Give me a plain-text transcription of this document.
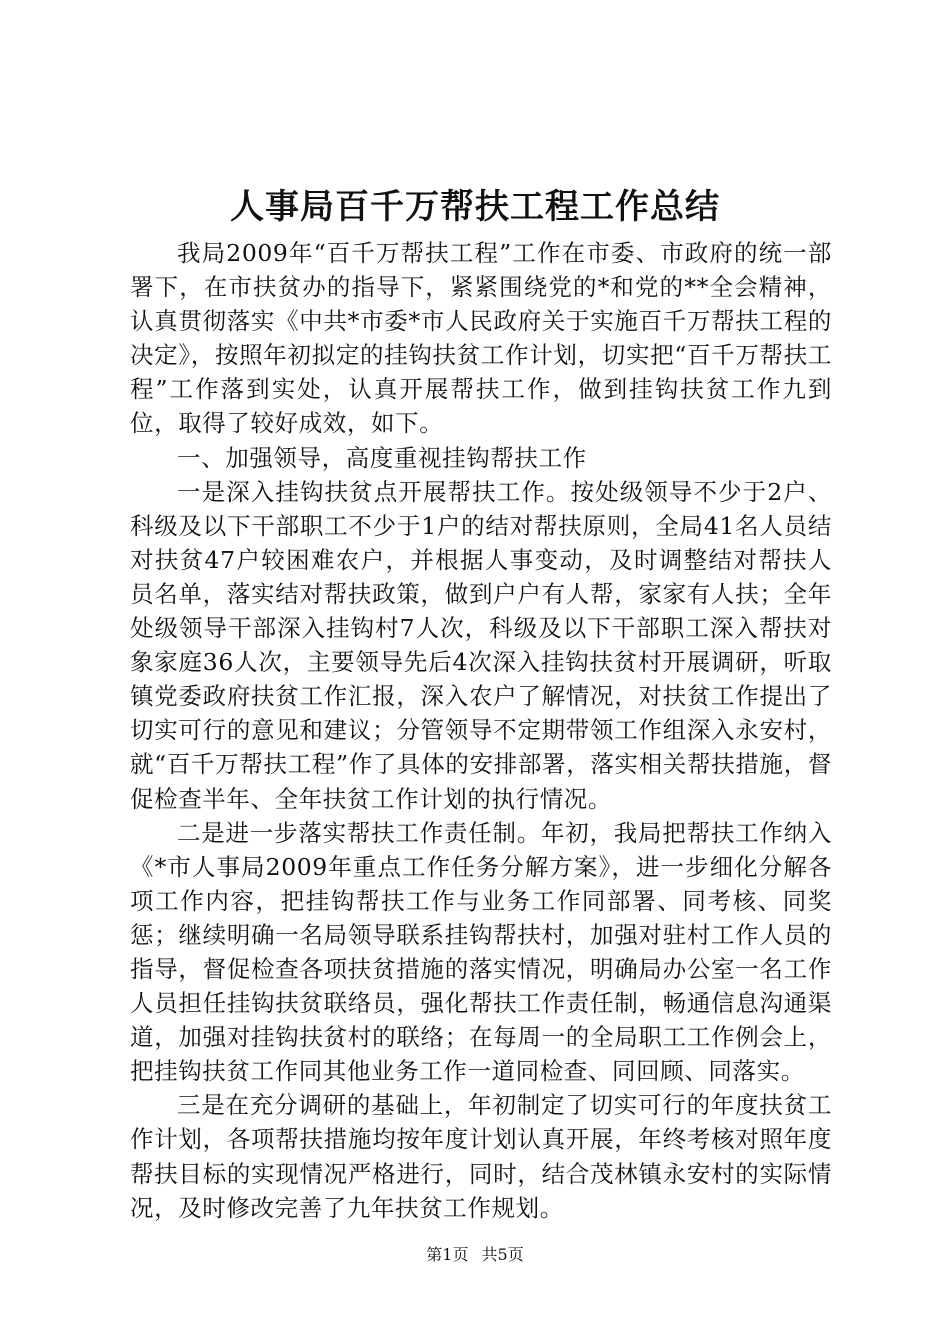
人事局百千万帮扶工程工作总结

我局2009年“百千万帮扶工程”工作在市委、市政府的统一部署下，在市扶贫办的指导下，紧紧围绕党的*和党的**全会精神，认真贯彻落实《中共*市委*市人民政府关于实施百千万帮扶工程的决定》，按照年初拟定的挂钩扶贫工作计划，切实把“百千万帮扶工程”工作落到实处，认真开展帮扶工作，做到挂钩扶贫工作九到位，取得了较好成效，如下。

一、加强领导，高度重视挂钩帮扶工作

一是深入挂钩扶贫点开展帮扶工作。按处级领导不少于2户、科级及以下干部职工不少于1户的结对帮扶原则，全局41名人员结对扶贫47户较困难农户，并根据人事变动，及时调整结对帮扶人员名单，落实结对帮扶政策，做到户户有人帮，家家有人扶；全年处级领导干部深入挂钩村7人次，科级及以下干部职工深入帮扶对象家庭36人次，主要领导先后4次深入挂钩扶贫村开展调研，听取镇党委政府扶贫工作汇报，深入农户了解情况，对扶贫工作提出了切实可行的意见和建议；分管领导不定期带领工作组深入永安村，就“百千万帮扶工程”作了具体的安排部署，落实相关帮扶措施，督促检查半年、全年扶贫工作计划的执行情况。

二是进一步落实帮扶工作责任制。年初，我局把帮扶工作纳入《*市人事局2009年重点工作任务分解方案》，进一步细化分解各项工作内容，把挂钩帮扶工作与业务工作同部署、同考核、同奖惩；继续明确一名局领导联系挂钩帮扶村，加强对驻村工作人员的指导，督促检查各项扶贫措施的落实情况，明确局办公室一名工作人员担任挂钩扶贫联络员，强化帮扶工作责任制，畅通信息沟通渠道，加强对挂钩扶贫村的联络；在每周一的全局职工工作例会上，把挂钩扶贫工作同其他业务工作一道同检查、同回顾、同落实。

三是在充分调研的基础上，年初制定了切实可行的年度扶贫工作计划，各项帮扶措施均按年度计划认真开展，年终考核对照年度帮扶目标的实现情况严格进行，同时，结合茂林镇永安村的实际情况，及时修改完善了九年扶贫工作规划。

第1页 共5页
